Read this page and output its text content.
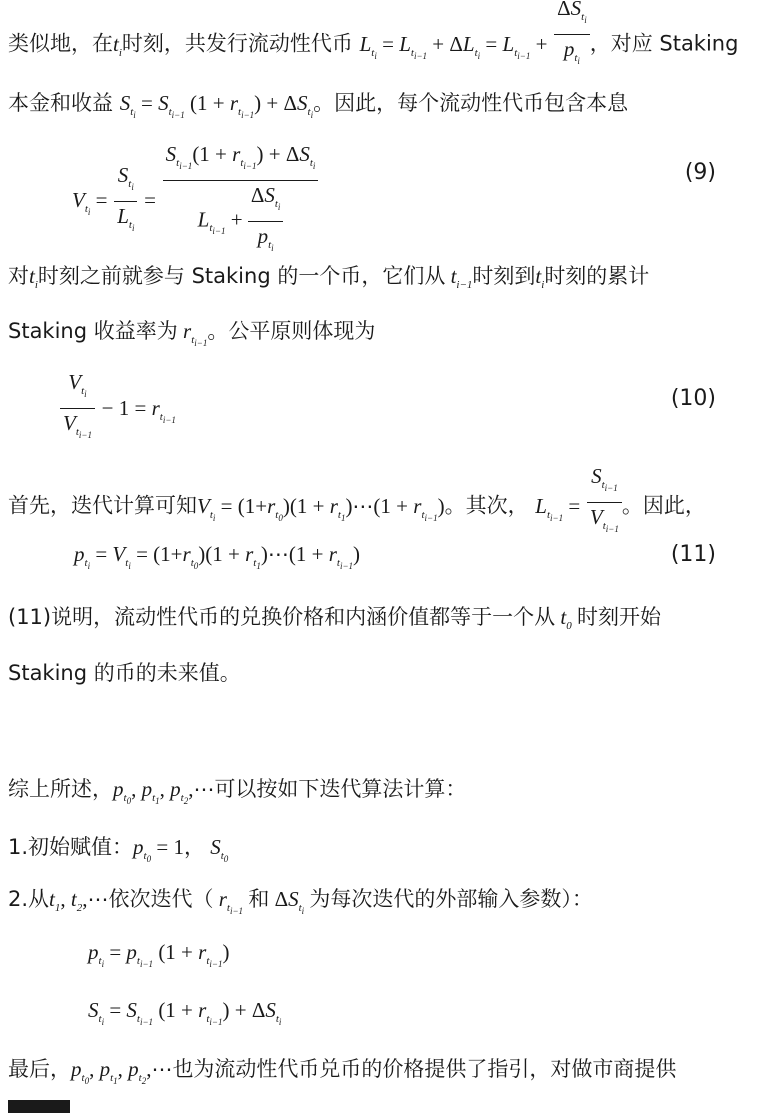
类似地，在$t_i$时刻，共发行流动性代币 $L_{t_i} = L_{t_{i-1}} + \Delta L_{t_i} = L_{t_{i-1}} + \frac{\Delta S_{t_i}}{p_{t_i}}$ ，对应 Staking
本金和收益 $S_{t_i} = S_{t_{i-1}}$ $(1 + r_{t_{i-1}}) + \Delta S_{t_i}$。因此，每个流动性代币包含本息
$V_{t_i} = \frac{S_{t_i}}{L_{t_i}} = \frac{S_{t_{i-1}}(1 + r_{t_{i-1}}) + \Delta S_{t_i}}{L_{t_{i-1}} + \frac{\Delta S_{t_i}}{p_{t_i}}}$	(9)
对$t_i$时刻之前就参与 Staking 的一个币，它们从 $t_{i-1}$时刻到$t_i$时刻的累计
Staking 收益率为 $r_{t_{i-1}}$。公平原则体现为
$\frac{V_{t_i}}{V_{t_{i-1}}} - 1 = r_{t_{i-1}}$
(10)
首先，迭代计算可知$V_{t_i} = (1+r_{t_0})(1$ + $r_{t_1})\cdots(1 + r_{t_{i-1}})$。其次， $L_{t_{i-1}} = \frac{S_{t_{i-1}}}{V_{t_{i-1}}}$ 。因此，
$p_{t_i} = V_{t_i} = (1+r_{t_0})(1$ + $r_{t_1})\cdots(1 + r_{t_{i-1}})$	(11)
(11)说明，流动性代币的兑换价格和内涵价值都等于一个从 $t_0$ 时刻开始
Staking 的币的未来值。
综上所述，$p_{t_0}$, $p_{t_1}$, $p_{t_2},\cdots$可以按如下迭代算法计算：
1.初始赋值：$p_{t_0} = 1$， $S_{t_0}$
2.从$t_1$, $t_2,\cdots$依次迭代（ $r_{t_{i-1}}$ 和 $\Delta S_{t_i}$ 为每次迭代的外部输入参数）：
$p_{t_i} = p_{t_{i-1}}$ $(1 + r_{t_{i-1}})$
$S_{t_i} = S_{t_{i-1}}$ $(1 + r_{t_{i-1}}) + \Delta S_{t_i}$
最后，$p_{t_0}$, $p_{t_1}$, $p_{t_2},\cdots$也为流动性代币兑币的价格提供了指引，对做市商提供
